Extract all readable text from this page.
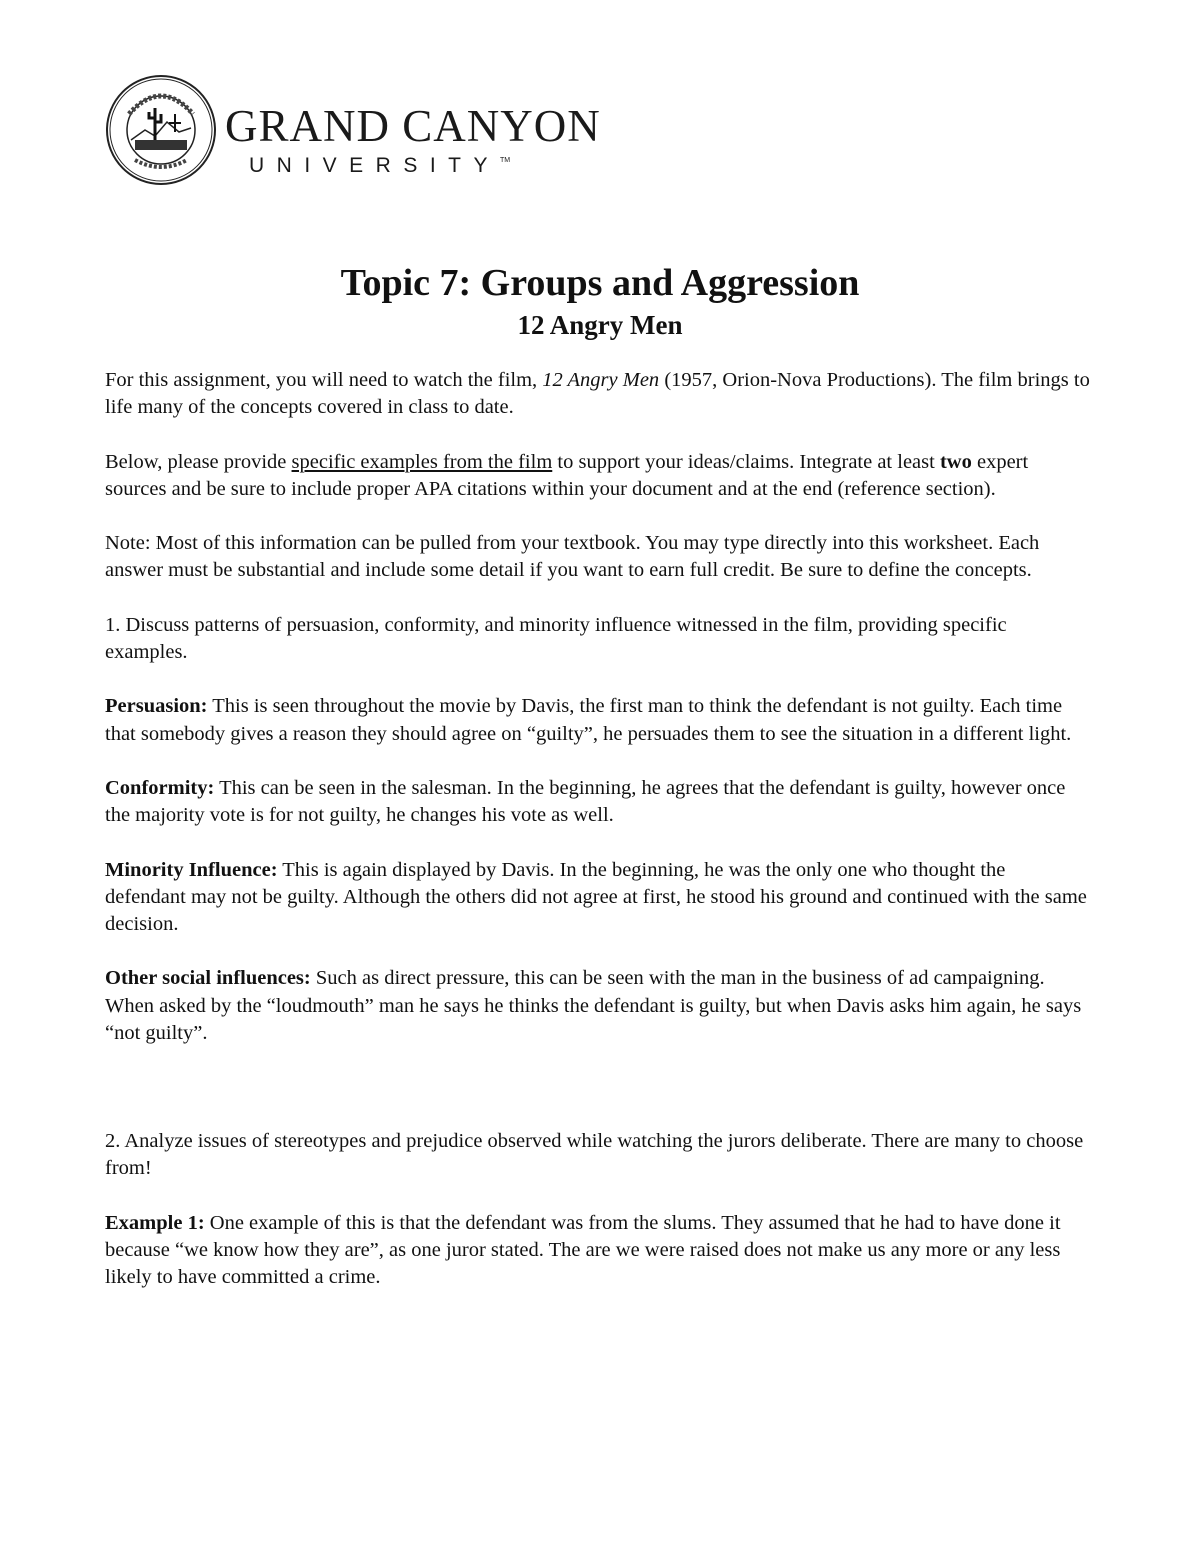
GRAND CANYON
UNIVERSITY™
Topic 7: Groups and Aggression
12 Angry Men

For this assignment, you will need to watch the film, 12 Angry Men (1957, Orion-Nova Productions). The film brings to life many of the concepts covered in class to date.

Below, please provide specific examples from the film to support your ideas/claims. Integrate at least two expert sources and be sure to include proper APA citations within your document and at the end (reference section).

Note: Most of this information can be pulled from your textbook. You may type directly into this worksheet. Each answer must be substantial and include some detail if you want to earn full credit. Be sure to define the concepts.

1. Discuss patterns of persuasion, conformity, and minority influence witnessed in the film, providing specific examples.

Persuasion: This is seen throughout the movie by Davis, the first man to think the defendant is not guilty. Each time that somebody gives a reason they should agree on “guilty”, he persuades them to see the situation in a different light.

Conformity: This can be seen in the salesman. In the beginning, he agrees that the defendant is guilty, however once the majority vote is for not guilty, he changes his vote as well.

Minority Influence: This is again displayed by Davis. In the beginning, he was the only one who thought the defendant may not be guilty. Although the others did not agree at first, he stood his ground and continued with the same decision.

Other social influences: Such as direct pressure, this can be seen with the man in the business of ad campaigning. When asked by the “loudmouth” man he says he thinks the defendant is guilty, but when Davis asks him again, he says “not guilty”.

2. Analyze issues of stereotypes and prejudice observed while watching the jurors deliberate. There are many to choose from!

Example 1: One example of this is that the defendant was from the slums. They assumed that he had to have done it because “we know how they are”, as one juror stated. The are we were raised does not make us any more or any less likely to have committed a crime.
